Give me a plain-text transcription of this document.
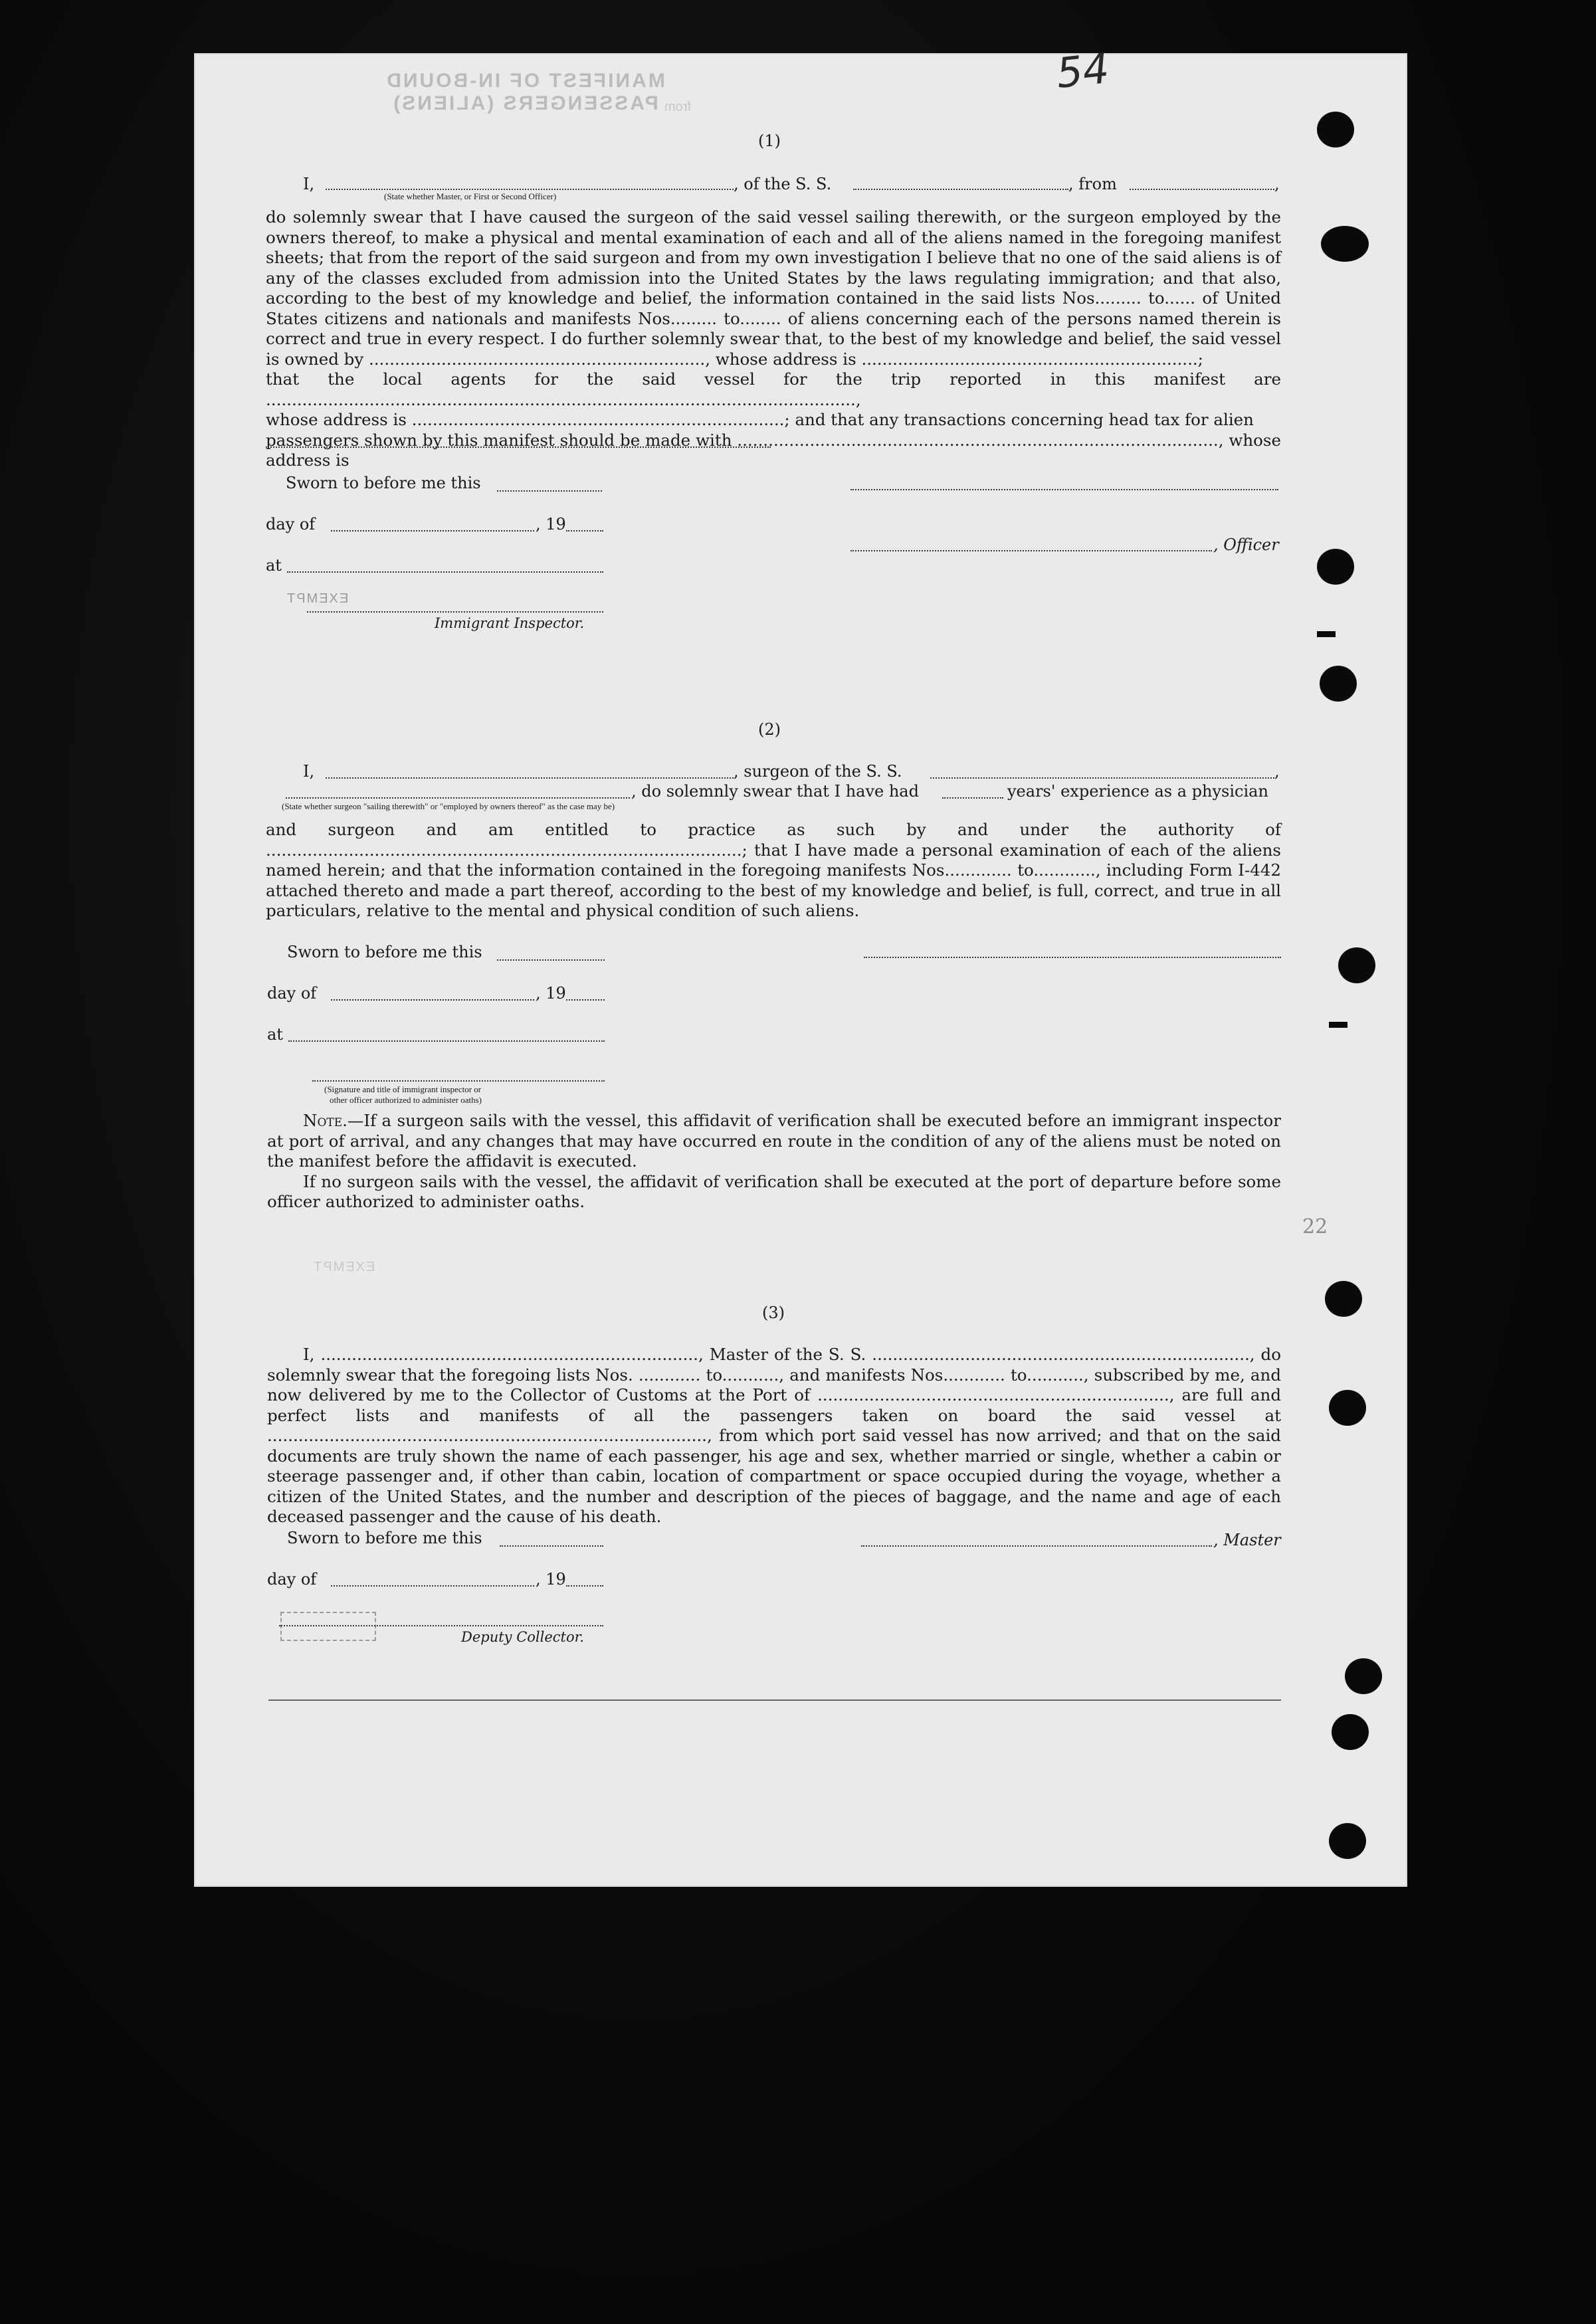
MANIFEST OF IN-BOUND PASSENGERS (ALIENS) from
54
(1)
I,	, of the S. S.	, from	,
(State whether Master, or First or Second Officer)

do solemnly swear that I have caused the surgeon of the said vessel sailing therewith, or the surgeon employed by the owners thereof, to make a physical and mental examination of each and all of the aliens named in the foregoing manifest sheets; that from the report of the said surgeon and from my own investigation I believe that no one of the said aliens is of any of the classes excluded from admission into the United States by the laws regulating immigration; and that also, according to the best of my knowledge and belief, the information contained in the said lists Nos......... to...... of United States citizens and nationals and manifests Nos......... to........ of aliens concerning each of the persons named therein is correct and true in every respect. I do further solemnly swear that, to the best of my knowledge and belief, the said vessel is owned by ................................................................., whose address is .................................................................;

that the local agents for the said vessel for the trip reported in this manifest are ..................................................................................................................,

whose address is ........................................................................; and that any transactions concerning head tax for alien

passengers shown by this manifest should be made with ............................................................................................., whose address is

Sworn to before me this
day of	, 19
, Officer
at
EXEMPT
Immigrant Inspector.
(2)
I,	, surgeon of the S. S.	,
, do solemnly swear that I have had	years' experience as a physician
(State whether surgeon "sailing therewith" or "employed by owners thereof" as the case may be)
and surgeon and am entitled to practice as such by and under the authority of ............................................................................................; that I have made a personal examination of each of the aliens named herein; and that the information contained in the foregoing manifests Nos............. to............, including Form I-442 attached thereto and made a part thereof, according to the best of my knowledge and belief, is full, correct, and true in all particulars, relative to the mental and physical condition of such aliens.
Sworn to before me this
day of	, 19
at
(Signature and title of immigrant inspector or
other officer authorized to administer oaths)

Note.—If a surgeon sails with the vessel, this affidavit of verification shall be executed before an immigrant inspector at port of arrival, and any changes that may have occurred en route in the condition of any of the aliens must be noted on the manifest before the affidavit is executed.

If no surgeon sails with the vessel, the affidavit of verification shall be executed at the port of departure before some officer authorized to administer oaths.

EXEMPT
22
(3)
I, ........................................................................., Master of the S. S. ........................................................................., do solemnly swear that the foregoing lists Nos. ............ to..........., and manifests Nos............ to..........., subscribed by me, and now delivered by me to the Collector of Customs at the Port of ...................................................................., are full and perfect lists and manifests of all the passengers taken on board the said vessel at ....................................................................................., from which port said vessel has now arrived; and that on the said documents are truly shown the name of each passenger, his age and sex, whether married or single, whether a cabin or steerage passenger and, if other than cabin, location of compartment or space occupied during the voyage, whether a citizen of the United States, and the number and description of the pieces of baggage, and the name and age of each deceased passenger and the cause of his death.
Sworn to before me this	, Master
day of	, 19
Deputy Collector.
